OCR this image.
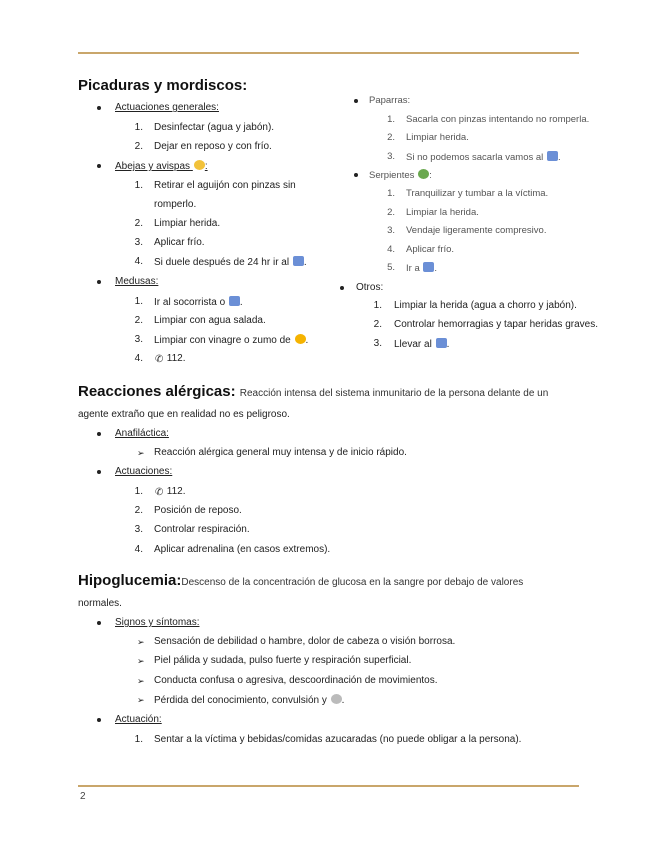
Picaduras y mordiscos:
Actuaciones generales:
1. Desinfectar (agua y jabón).
2. Dejar en reposo y con frío.
Abejas y avispas :
1. Retirar el aguijón con pinzas sin
romperlo.
2. Limpiar herida.
3. Aplicar frío.
4. Si duele después de 24 hr ir al .
Medusas:
1. Ir al socorrista o .
2. Limpiar con agua salada.
3. Limpiar con vinagre o zumo de .
4. ✆ 112.
Paparras:
1. Sacarla con pinzas intentando no romperla.
2. Limpiar herida.
3. Si no podemos sacarla vamos al .
Serpientes :
1. Tranquilizar y tumbar a la víctima.
2. Limpiar la herida.
3. Vendaje ligeramente compresivo.
4. Aplicar frío.
5. Ir a .
Otros:
1. Limpiar la herida (agua a chorro y jabón).
2. Controlar hemorragias y tapar heridas graves.
3. Llevar al .
Reacciones alérgicas: Reacción intensa del sistema inmunitario de la persona delante de un
agente extraño que en realidad no es peligroso.
Anafiláctica:
➢ Reacción alérgica general muy intensa y de inicio rápido.
Actuaciones:
1. ✆ 112.
2. Posición de reposo.
3. Controlar respiración.
4. Aplicar adrenalina (en casos extremos).
Hipoglucemia:Descenso de la concentración de glucosa en la sangre por debajo de valores
normales.
Signos y síntomas:
➢ Sensación de debilidad o hambre, dolor de cabeza o visión borrosa.
➢ Piel pálida y sudada, pulso fuerte y respiración superficial.
➢ Conducta confusa o agresiva, descoordinación de movimientos.
➢ Pérdida del conocimiento, convulsión y .
Actuación:
1. Sentar a la víctima y bebidas/comidas azucaradas (no puede obligar a la persona).
2
